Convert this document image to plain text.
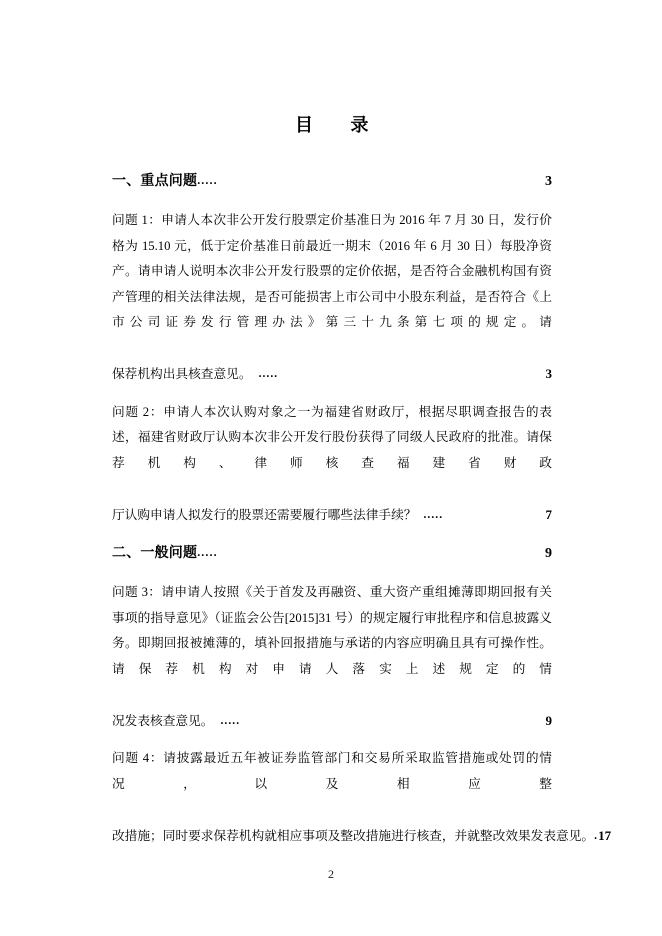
目　　录
一、重点问题 .....	3
问题 1：申请人本次非公开发行股票定价基准日为 2016 年 7 月 30 日，发行价格为 15.10 元，低于定价基准日前最近一期末（2016 年 6 月 30 日）每股净资产。请申请人说明本次非公开发行股票的定价依据，是否符合金融机构国有资产管理的相关法律法规，是否可能损害上市公司中小股东利益，是否符合《上市公司证券发行管理办法》第三十九条第七项的规定。请
保荐机构出具核查意见。 .....	3
问题 2：申请人本次认购对象之一为福建省财政厅，根据尽职调查报告的表述，福建省财政厅认购本次非公开发行股份获得了同级人民政府的批准。请保荐机构、律师核查福建省财政
厅认购申请人拟发行的股票还需要履行哪些法律手续？ .....	7
二、一般问题 .....	9
问题 3：请申请人按照《关于首发及再融资、重大资产重组摊薄即期回报有关事项的指导意见》（证监会公告[2015]31 号）的规定履行审批程序和信息披露义务。即期回报被摊薄的，填补回报措施与承诺的内容应明确且具有可操作性。请保荐机构对申请人落实上述规定的情
况发表核查意见。 .....	9
问题 4：请披露最近五年被证券监管部门和交易所采取监管措施或处罚的情况，以及相应整
改措施；同时要求保荐机构就相应事项及整改措施进行核查，并就整改效果发表意见。 . 17
2
